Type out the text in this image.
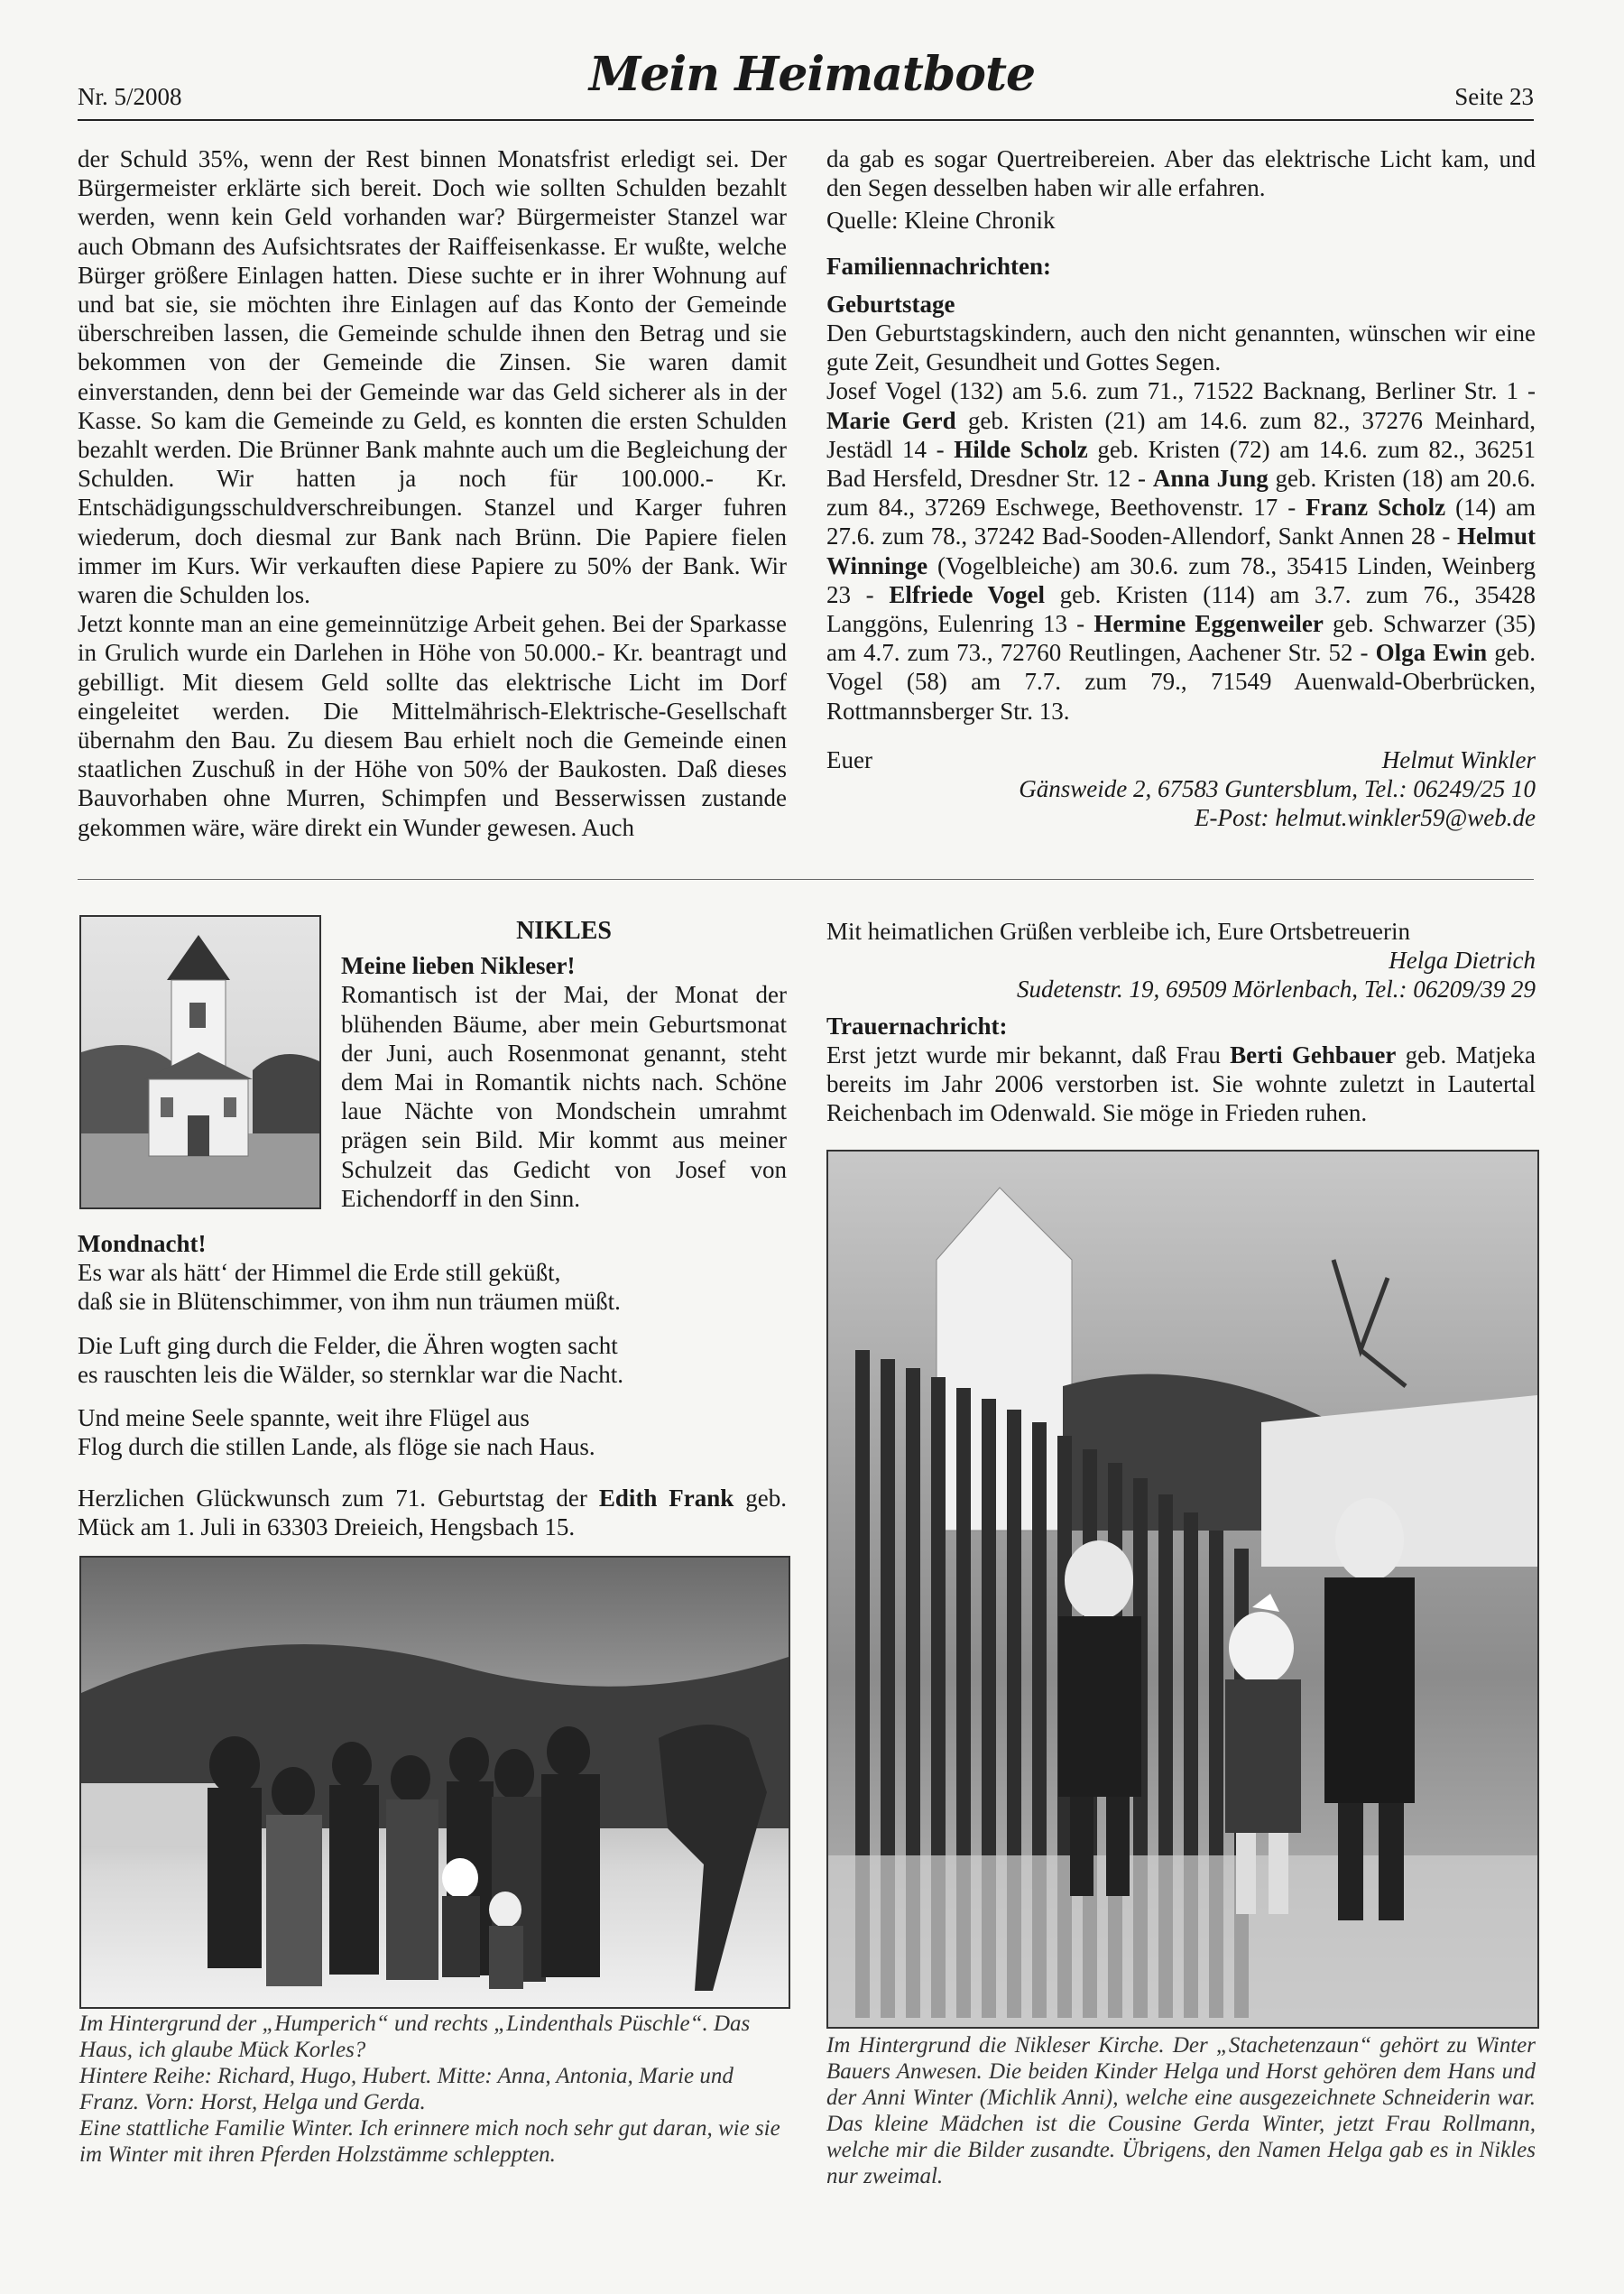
Nr. 5/2008	Mein Heimatbote	Seite 23

der Schuld 35%, wenn der Rest binnen Monatsfrist erledigt sei. Der Bürgermeister erklärte sich bereit. Doch wie sollten Schulden bezahlt werden, wenn kein Geld vorhanden war? Bürgermeister Stanzel war auch Obmann des Aufsichtsrates der Raiffeisenkasse. Er wußte, welche Bürger größere Einlagen hatten. Diese suchte er in ihrer Wohnung auf und bat sie, sie möchten ihre Einlagen auf das Konto der Gemeinde überschreiben lassen, die Gemeinde schulde ihnen den Betrag und sie bekommen von der Gemeinde die Zinsen. Sie waren damit einverstanden, denn bei der Gemeinde war das Geld sicherer als in der Kasse. So kam die Gemeinde zu Geld, es konnten die ersten Schulden bezahlt werden. Die Brünner Bank mahnte auch um die Begleichung der Schulden. Wir hatten ja noch für 100.000.- Kr. Entschädigungsschuldverschreibungen. Stanzel und Karger fuhren wiederum, doch diesmal zur Bank nach Brünn. Die Papiere fielen immer im Kurs. Wir verkauften diese Papiere zu 50% der Bank. Wir waren die Schulden los.

Jetzt konnte man an eine gemeinnützige Arbeit gehen. Bei der Sparkasse in Grulich wurde ein Darlehen in Höhe von 50.000.- Kr. beantragt und gebilligt. Mit diesem Geld sollte das elektrische Licht im Dorf eingeleitet werden. Die Mittelmährisch-Elektrische-Gesellschaft übernahm den Bau. Zu diesem Bau erhielt noch die Gemeinde einen staatlichen Zuschuß in der Höhe von 50% der Baukosten. Daß dieses Bauvorhaben ohne Murren, Schimpfen und Besserwissen zustande gekommen wäre, wäre direkt ein Wunder gewesen. Auch

da gab es sogar Quertreibereien. Aber das elektrische Licht kam, und den Segen desselben haben wir alle erfahren.

Quelle: Kleine Chronik

Familiennachrichten:

Geburtstage

Den Geburtstagskindern, auch den nicht genannten, wünschen wir eine gute Zeit, Gesundheit und Gottes Segen.

Josef Vogel (132) am 5.6. zum 71., 71522 Backnang, Berliner Str. 1 - Marie Gerd geb. Kristen (21) am 14.6. zum 82., 37276 Meinhard, Jestädl 14 - Hilde Scholz geb. Kristen (72) am 14.6. zum 82., 36251 Bad Hersfeld, Dresdner Str. 12 - Anna Jung geb. Kristen (18) am 20.6. zum 84., 37269 Eschwege, Beethovenstr. 17 - Franz Scholz (14) am 27.6. zum 78., 37242 Bad-Sooden-Allendorf, Sankt Annen 28 - Helmut Winninge (Vogelbleiche) am 30.6. zum 78., 35415 Linden, Weinberg 23 - Elfriede Vogel geb. Kristen (114) am 3.7. zum 76., 35428 Langgöns, Eulenring 13 - Hermine Eggenweiler geb. Schwarzer (35) am 4.7. zum 73., 72760 Reutlingen, Aachener Str. 52 - Olga Ewin geb. Vogel (58) am 7.7. zum 79., 71549 Auenwald-Oberbrücken, Rottmannsberger Str. 13.

Euer	Helmut Winkler

Gänsweide 2, 67583 Guntersblum, Tel.: 06249/25 10

E-Post: helmut.winkler59@web.de

NIKLES

Meine lieben Nikleser!

Romantisch ist der Mai, der Monat der blühenden Bäume, aber mein Geburtsmonat der Juni, auch Rosenmonat genannt, steht dem Mai in Romantik nichts nach. Schöne laue Nächte von Mondschein umrahmt prägen sein Bild. Mir kommt aus meiner Schulzeit das Gedicht von Josef von Eichendorff in den Sinn.

Mondnacht!

Es war als hätt‘ der Himmel die Erde still geküßt,

daß sie in Blütenschimmer, von ihm nun träumen müßt.

Die Luft ging durch die Felder, die Ähren wogten sacht

es rauschten leis die Wälder, so sternklar war die Nacht.

Und meine Seele spannte, weit ihre Flügel aus

Flog durch die stillen Lande, als flöge sie nach Haus.

Herzlichen Glückwunsch zum 71. Geburtstag der Edith Frank geb. Mück am 1. Juli in 63303 Dreieich, Hengsbach 15.

Im Hintergrund der „Humperich“ und rechts „Lindenthals Püschle“. Das Haus, ich glaube Mück Korles?
Hintere Reihe: Richard, Hugo, Hubert. Mitte: Anna, Antonia, Marie und Franz. Vorn: Horst, Helga und Gerda.
Eine stattliche Familie Winter. Ich erinnere mich noch sehr gut daran, wie sie im Winter mit ihren Pferden Holzstämme schleppten.

Mit heimatlichen Grüßen verbleibe ich, Eure Ortsbetreuerin

Helga Dietrich

Sudetenstr. 19, 69509 Mörlenbach, Tel.: 06209/39 29

Trauernachricht:

Erst jetzt wurde mir bekannt, daß Frau Berti Gehbauer geb. Matjeka bereits im Jahr 2006 verstorben ist. Sie wohnte zuletzt in Lautertal Reichenbach im Odenwald. Sie möge in Frieden ruhen.

Im Hintergrund die Nikleser Kirche. Der „Stachetenzaun“ gehört zu Winter Bauers Anwesen. Die beiden Kinder Helga und Horst gehören dem Hans und der Anni Winter (Michlik Anni), welche eine ausgezeichnete Schneiderin war. Das kleine Mädchen ist die Cousine Gerda Winter, jetzt Frau Rollmann, welche mir die Bilder zusandte. Übrigens, den Namen Helga gab es in Nikles nur zweimal.
